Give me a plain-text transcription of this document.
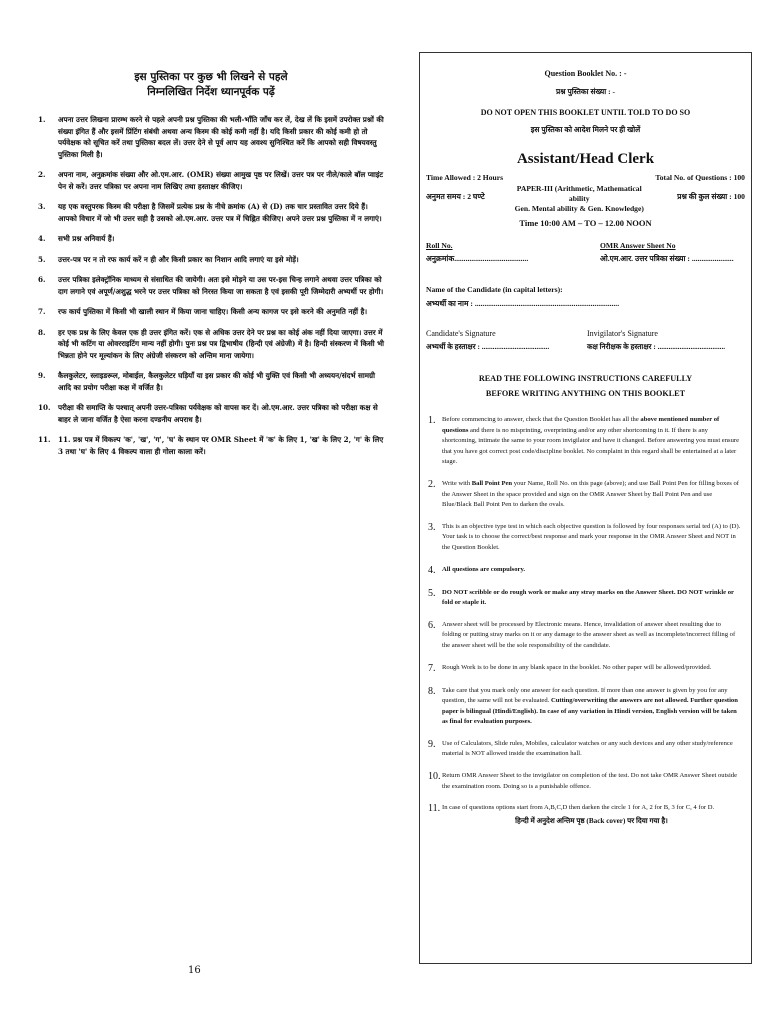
इस पुस्तिका पर कुछ भी लिखने से पहले
निम्नलिखित निर्देश ध्यानपूर्वक पढ़ें
1.	अपना उत्तर लिखना प्रारम्भ करने से पहले अपनी प्रश्न पुस्तिका की भली-भाँति जाँच कर लें, देख लें कि इसमें उपरोक्त प्रश्नों की संख्या इंगित हैं और इसमें प्रिंटिंग संबंधी अथवा अन्य किस्म की कोई कमी नहीं है। यदि किसी प्रकार की कोई कमी हो तो पर्यवेक्षक को सूचित करें तथा पुस्तिका बदल लें। उत्तर देने से पूर्व आप यह अवश्य सुनिश्चित करें कि आपको सही विषयवस्तु पुस्तिका मिली है।
2.	अपना नाम, अनुक्रमांक संख्या और ओ.एम.आर. (OMR) संख्या आमुख पृष्ठ पर लिखें। उत्तर पत्र पर नीले/काले बॉल प्वाइंट पेन से करें। उत्तर पत्रिका पर अपना नाम लिखिए तथा हस्ताक्षर कीजिए।
3.	यह एक वस्तुपरक किस्म की परीक्षा है जिसमें प्रत्येक प्रश्न के नीचे क्रमांक (A) से (D) तक चार प्रस्तावित उत्तर दिये हैं। आपको विचार में जो भी उत्तर सही है उसको ओ.एम.आर. उत्तर पत्र में चिह्नित कीजिए। अपने उत्तर प्रश्न पुस्तिका में न लगाएं।
4.	सभी प्रश्न अनिवार्य हैं।
5.	उत्तर-पत्र पर न तो रफ कार्य करें न ही और किसी प्रकार का निशान आदि लगाएं या इसे मोड़ें।
6.	उत्तर पत्रिका इलेक्ट्रॉनिक माध्यम से संसाधित की जायेगी। अतः इसे मोड़ने या उस पर-इस चिन्ह लगाने अथवा उत्तर पत्रिका को दाग लगाने एवं अपूर्ण/अशुद्ध भरने पर उत्तर पत्रिका को निरस्त किया जा सकता है एवं इसकी पूरी जिम्मेदारी अभ्यर्थी पर होगी।
7.	रफ कार्य पुस्तिका में किसी भी खाली स्थान में किया जाना चाहिए। किसी अन्य कागज पर इसे करने की अनुमति नहीं है।
8.	हर एक प्रश्न के लिए केवल एक ही उत्तर इंगित करें। एक से अधिक उत्तर देने पर प्रश्न का कोई अंक नहीं दिया जाएगा। उत्तर में कोई भी कटिंग या ओवरराइटिंग मान्य नहीं होगी। पुनः प्रश्न पत्र द्विभाषीय (हिन्दी एवं अंग्रेजी) में है। हिन्दी संस्करण में किसी भी भिन्नता होने पर मूल्यांकन के लिए अंग्रेजी संस्करण को अन्तिम माना जायेगा।
9.	कैलकुलेटर, स्लाइडरूल, मोबाईल, कैलकुलेटर घड़ियाँ या इस प्रकार की कोई भी युक्ति एवं किसी भी अध्ययन/संदर्भ सामग्री आदि का प्रयोग परीक्षा कक्ष में वर्जित है।
10.	परीक्षा की समाप्ति के पश्चात् अपनी उत्तर-पत्रिका पर्यवेक्षक को वापस कर दें। ओ.एम.आर. उत्तर पत्रिका को परीक्षा कक्ष से बाहर ले जाना वर्जित है ऐसा करना दण्डनीय अपराध है।
11.	11. प्रश्न पत्र में विकल्प 'क', 'ख', 'ग', 'घ' के स्थान पर OMR Sheet में 'क' के लिए 1, 'ख' के लिए 2, 'ग' के लिए 3 तथा 'घ' के लिए 4 विकल्प वाला ही गोला काला करें।
16
Question Booklet No. : -
प्रश्न पुस्तिका संख्या : -
DO NOT OPEN THIS BOOKLET UNTIL TOLD TO DO SO
इस पुस्तिका को आदेश मिलने पर ही खोलें
Assistant/Head Clerk
Time Allowed : 2 Hours
अनुमत समय : 2 घण्टे
PAPER-III (Arithmetic, Mathematical ability
Gen. Mental ability & Gen. Knowledge)
Total No. of Questions : 100
प्रश्न की कुल संख्या : 100
Time 10:00 AM – TO – 12.00 NOON
Roll No.
अनुक्रमांक.......................................
OMR Answer Sheet No
ओ.एम.आर. उत्तर पत्रिका संख्या : ......................
Name of the Candidate (in capital letters):
अभ्यर्थी का नाम : ............................................................................
Candidate's Signature
अभ्यर्थी के हस्ताक्षर : .....................................
Invigilator's Signature
कक्ष निरीक्षक के हस्ताक्षर : .....................................
READ THE FOLLOWING INSTRUCTIONS CAREFULLY
BEFORE WRITING ANYTHING ON THIS BOOKLET
1. Before commencing to answer, check that the Question Booklet has all the above mentioned number of questions and there is no misprinting, overprinting and/or any other shortcoming in it. If there is any shortcoming, intimate the same to your room invigilator and have it changed. Before answering you must ensure that you have got correct post code/discipline booklet. No complaint in this regard shall be entertained at a later stage.
2. Write with Ball Point Pen your Name, Roll No. on this page (above); and use Ball Point Pen for filling boxes of the Answer Sheet in the space provided and sign on the OMR Answer Sheet by Ball Point Pen and use Blue/Black Ball Point Pen to darken the ovals.
3. This is an objective type test in which each objective question is followed by four responses serial ted (A) to (D). Your task is to choose the correct/best response and mark your response in the OMR Answer Sheet and NOT in the Question Booklet.
4. All questions are compulsory.
5. DO NOT scribble or do rough work or make any stray marks on the Answer Sheet. DO NOT wrinkle or fold or staple it.
6. Answer sheet will be processed by Electronic means. Hence, invalidation of answer sheet resulting due to folding or putting stray marks on it or any damage to the answer sheet as well as incomplete/incorrect filling of the answer sheet will be the sole responsibility of the candidate.
7. Rough Work is to be done in any blank space in the booklet. No other paper will be allowed/provided.
8. Take care that you mark only one answer for each question. If more than one answer is given by you for any question, the same will not be evaluated. Cutting/overwriting the answers are not allowed. Further question paper is bilingual (Hindi/English). In case of any variation in Hindi version, English version will be taken as final for evaluation purposes.
9. Use of Calculators, Slide rules, Mobiles, calculator watches or any such devices and any other study/reference material is NOT allowed inside the examination hall.
10. Return OMR Answer Sheet to the invigilator on completion of the test. Do not take OMR Answer Sheet outside the examination room. Doing so is a punishable offence.
11. In case of questions options start from A,B,C,D then darken the circle 1 for A, 2 for B, 3 for C, 4 for D.
हिन्दी में अनुदेश अन्तिम पृष्ठ (Back cover) पर दिया गया है।
